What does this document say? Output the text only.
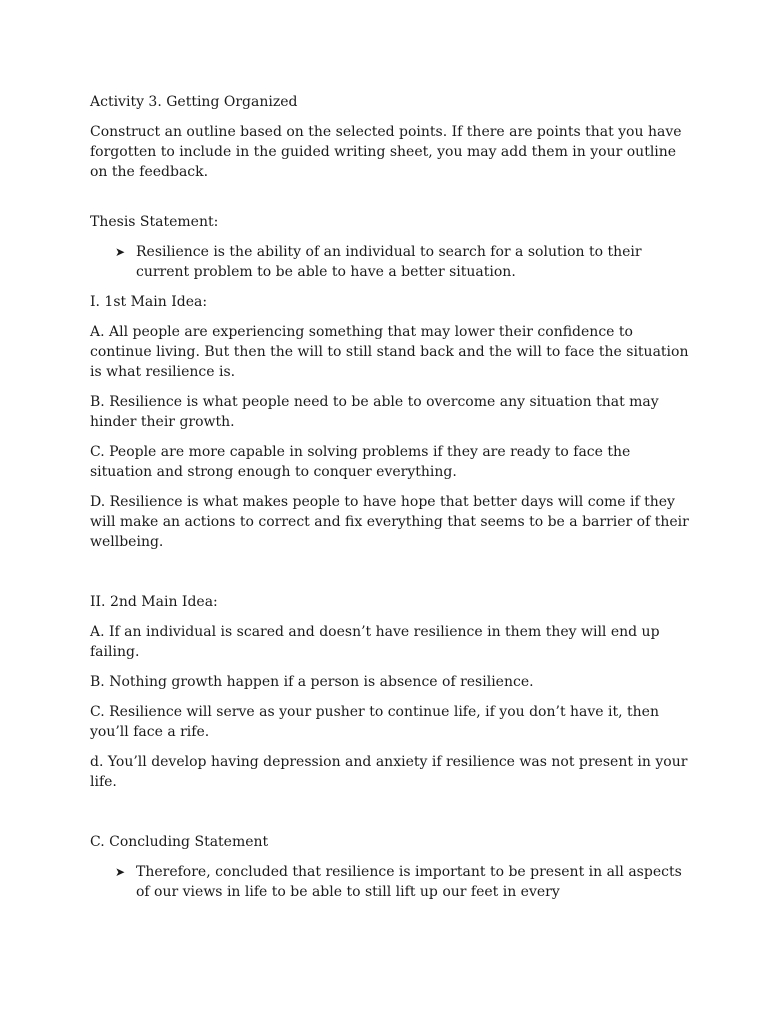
Activity 3. Getting Organized

Construct an outline based on the selected points. If there are points that you have forgotten to include in the guided writing sheet, you may add them in your outline on the feedback.

Thesis Statement:

➤ Resilience is the ability of an individual to search for a solution to their current problem to be able to have a better situation.

I. 1st Main Idea:

A. All people are experiencing something that may lower their confidence to continue living. But then the will to still stand back and the will to face the situation is what resilience is.

B. Resilience is what people need to be able to overcome any situation that may hinder their growth.

C. People are more capable in solving problems if they are ready to face the situation and strong enough to conquer everything.

D. Resilience is what makes people to have hope that better days will come if they will make an actions to correct and fix everything that seems to be a barrier of their wellbeing.

II. 2nd Main Idea:

A. If an individual is scared and doesn’t have resilience in them they will end up failing.

B. Nothing growth happen if a person is absence of resilience.

C. Resilience will serve as your pusher to continue life, if you don’t have it, then you’ll face a rife.

d. You’ll develop having depression and anxiety if resilience was not present in your life.

C. Concluding Statement

➤ Therefore, concluded that resilience is important to be present in all aspects of our views in life to be able to still lift up our feet in every
